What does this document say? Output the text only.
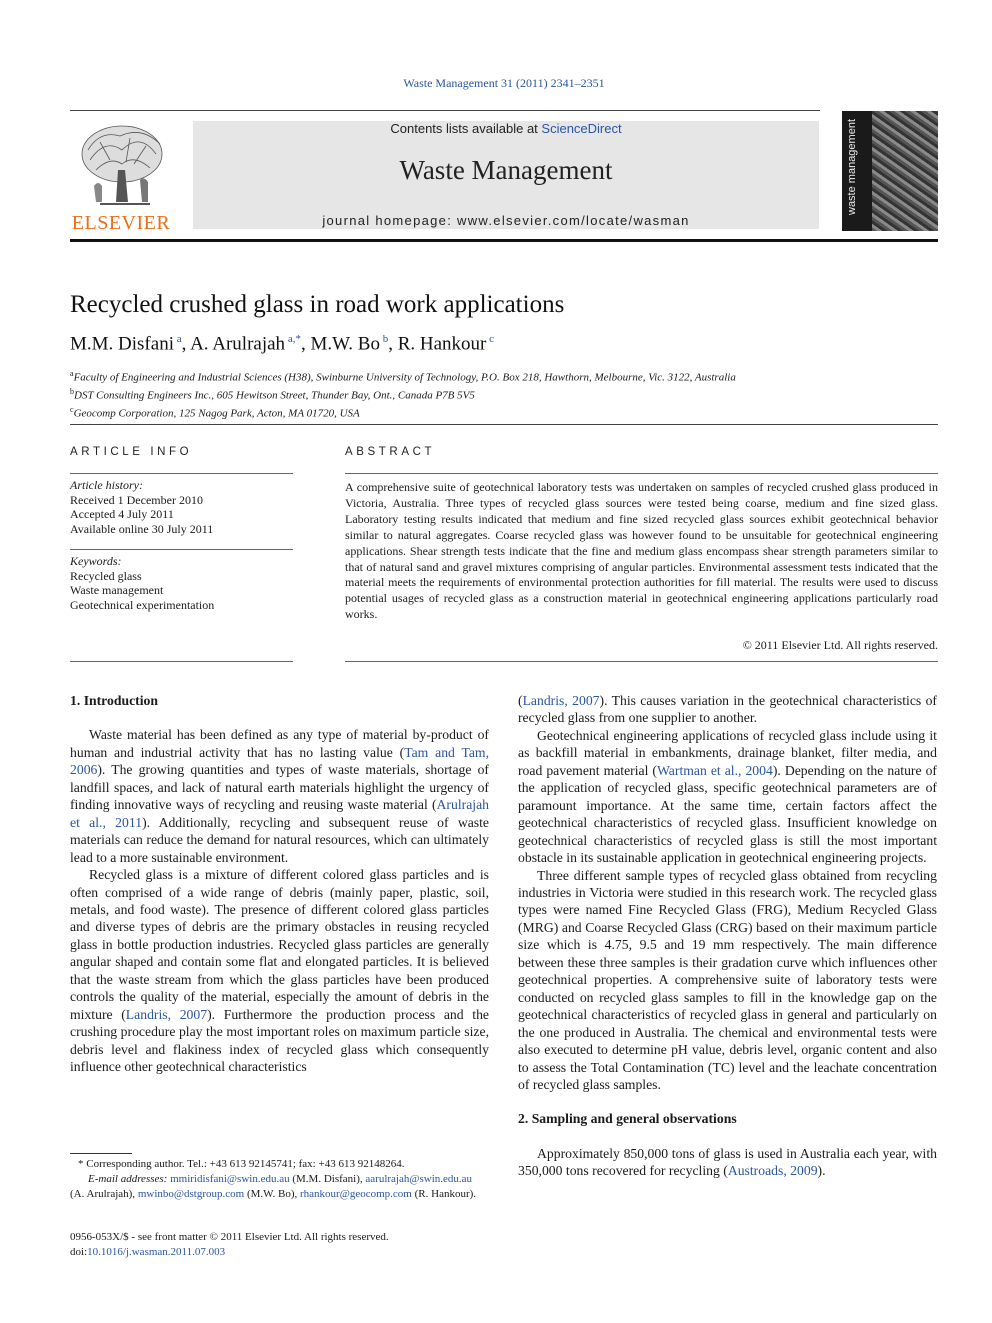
Waste Management 31 (2011) 2341–2351
ELSEVIER
Contents lists available at ScienceDirect
Waste Management
journal homepage: www.elsevier.com/locate/wasman
waste management
Recycled crushed glass in road work applications
M.M. Disfani $^a$, A. Arulrajah $^{a,*}$, M.W. Bo $^b$, R. Hankour $^c$
$^a$Faculty of Engineering and Industrial Sciences (H38), Swinburne University of Technology, P.O. Box 218, Hawthorn, Melbourne, Vic. 3122, Australia
$^b$DST Consulting Engineers Inc., 605 Hewitson Street, Thunder Bay, Ont., Canada P7B 5V5
$^c$Geocomp Corporation, 125 Nagog Park, Acton, MA 01720, USA
ARTICLE INFO
Article history:
Received 1 December 2010
Accepted 4 July 2011
Available online 30 July 2011
Keywords:
Recycled glass
Waste management
Geotechnical experimentation
ABSTRACT
A comprehensive suite of geotechnical laboratory tests was undertaken on samples of recycled crushed glass produced in Victoria, Australia. Three types of recycled glass sources were tested being coarse, medium and fine sized glass. Laboratory testing results indicated that medium and fine sized recycled glass sources exhibit geotechnical behavior similar to natural aggregates. Coarse recycled glass was however found to be unsuitable for geotechnical engineering applications. Shear strength tests indicate that the fine and medium glass encompass shear strength parameters similar to that of natural sand and gravel mixtures comprising of angular particles. Environmental assessment tests indicated that the material meets the requirements of environmental protection authorities for fill material. The results were used to discuss potential usages of recycled glass as a construction material in geotechnical engineering applications particularly road works.
© 2011 Elsevier Ltd. All rights reserved.
1. Introduction

Waste material has been defined as any type of material by-product of human and industrial activity that has no lasting value (Tam and Tam, 2006). The growing quantities and types of waste materials, shortage of landfill spaces, and lack of natural earth materials highlight the urgency of finding innovative ways of recycling and reusing waste material (Arulrajah et al., 2011). Additionally, recycling and subsequent reuse of waste materials can reduce the demand for natural resources, which can ultimately lead to a more sustainable environment.

Recycled glass is a mixture of different colored glass particles and is often comprised of a wide range of debris (mainly paper, plastic, soil, metals, and food waste). The presence of different colored glass particles and diverse types of debris are the primary obstacles in reusing recycled glass in bottle production industries. Recycled glass particles are generally angular shaped and contain some flat and elongated particles. It is believed that the waste stream from which the glass particles have been produced controls the quality of the material, especially the amount of debris in the mixture (Landris, 2007). Furthermore the production process and the crushing procedure play the most important roles on maximum particle size, debris level and flakiness index of recycled glass which consequently influence other geotechnical characteristics

(Landris, 2007). This causes variation in the geotechnical characteristics of recycled glass from one supplier to another.

Geotechnical engineering applications of recycled glass include using it as backfill material in embankments, drainage blanket, filter media, and road pavement material (Wartman et al., 2004). Depending on the nature of the application of recycled glass, specific geotechnical parameters are of paramount importance. At the same time, certain factors affect the geotechnical characteristics of recycled glass. Insufficient knowledge on geotechnical characteristics of recycled glass is still the most important obstacle in its sustainable application in geotechnical engineering projects.

Three different sample types of recycled glass obtained from recycling industries in Victoria were studied in this research work. The recycled glass types were named Fine Recycled Glass (FRG), Medium Recycled Glass (MRG) and Coarse Recycled Glass (CRG) based on their maximum particle size which is 4.75, 9.5 and 19 mm respectively. The main difference between these three samples is their gradation curve which influences other geotechnical properties. A comprehensive suite of laboratory tests were conducted on recycled glass samples to fill in the knowledge gap on the geotechnical characteristics of recycled glass in general and particularly on the one produced in Australia. The chemical and environmental tests were also executed to determine pH value, debris level, organic content and also to assess the Total Contamination (TC) level and the leachate concentration of recycled glass samples.

2. Sampling and general observations

Approximately 850,000 tons of glass is used in Australia each year, with 350,000 tons recovered for recycling (Austroads, 2009).

* Corresponding author. Tel.: +43 613 92145741; fax: +43 613 92148264.
E-mail addresses: mmiridisfani@swin.edu.au (M.M. Disfani), aarulrajah@swin.edu.au (A. Arulrajah), mwinbo@dstgroup.com (M.W. Bo), rhankour@geocomp.com (R. Hankour).
0956-053X/$ - see front matter © 2011 Elsevier Ltd. All rights reserved.
doi:10.1016/j.wasman.2011.07.003
